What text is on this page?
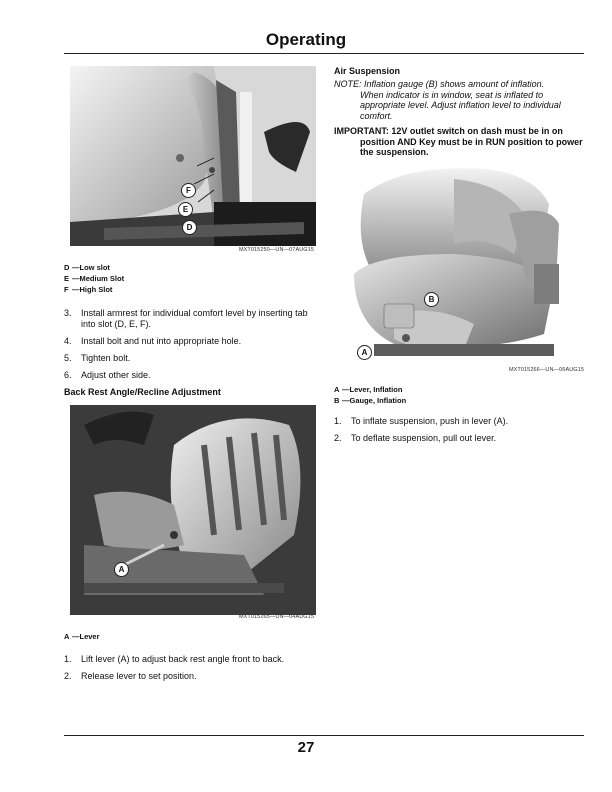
Operating
F
E
D
MXT015250—UN—07AUG15
D —Low slot
E —Medium Slot
F —High Slot
3. Install armrest for individual comfort level by inserting tab into slot (D, E, F).
4. Install bolt and nut into appropriate hole.
5. Tighten bolt.
6. Adjust other side.
Back Rest Angle/Recline Adjustment
A
MXT015265—UN—04AUG15
A —Lever
1. Lift lever (A) to adjust back rest angle front to back.
2. Release lever to set position.
Air Suspension
NOTE: Inflation gauge (B) shows amount of inflation.
When indicator is in window, seat is inflated to appropriate level. Adjust inflation level to individual comfort.
IMPORTANT: 12V outlet switch on dash must be in on
position AND Key must be in RUN position to power the suspension.
B
A
MXT015266—UN—06AUG15
A —Lever, Inflation
B —Gauge, Inflation
1. To inflate suspension, push in lever (A).
2. To deflate suspension, pull out lever.
27
